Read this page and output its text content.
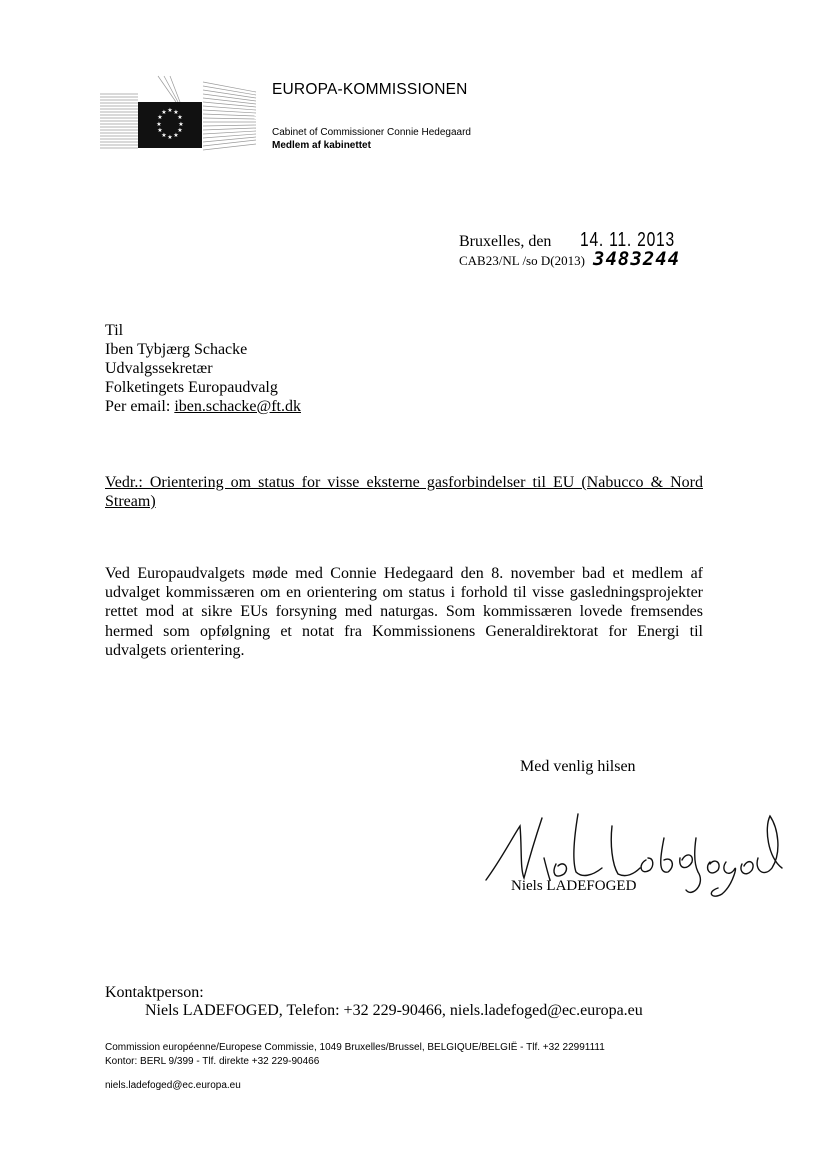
★ ★
★
★
★
★
★
★
★
★
★
★
EUROPA-KOMMISSIONEN
Cabinet of Commissioner Connie Hedegaard
Medlem af kabinettet
Bruxelles, den 14. 11. 2013
CAB23/NL /so D(2013) 3483244
Til
Iben Tybjærg Schacke
Udvalgssekretær
Folketingets Europaudvalg
Per email: iben.schacke@ft.dk
Vedr.: Orientering om status for visse eksterne gasforbindelser til EU (Nabucco & Nord Stream)
Ved Europaudvalgets møde med Connie Hedegaard den 8. november bad et medlem af udvalget kommissæren om en orientering om status i forhold til visse gasledningsprojekter rettet mod at sikre EUs forsyning med naturgas. Som kommissæren lovede fremsendes hermed som opfølgning et notat fra Kommissionens Generaldirektorat for Energi til udvalgets orientering.
Med venlig hilsen
Niels LADEFOGED
Kontaktperson:
Niels LADEFOGED, Telefon: +32 229-90466, niels.ladefoged@ec.europa.eu
Commission européenne/Europese Commissie, 1049 Bruxelles/Brussel, BELGIQUE/BELGIË - Tlf. +32 22991111
Kontor: BERL 9/399 - Tlf. direkte +32 229-90466
niels.ladefoged@ec.europa.eu
